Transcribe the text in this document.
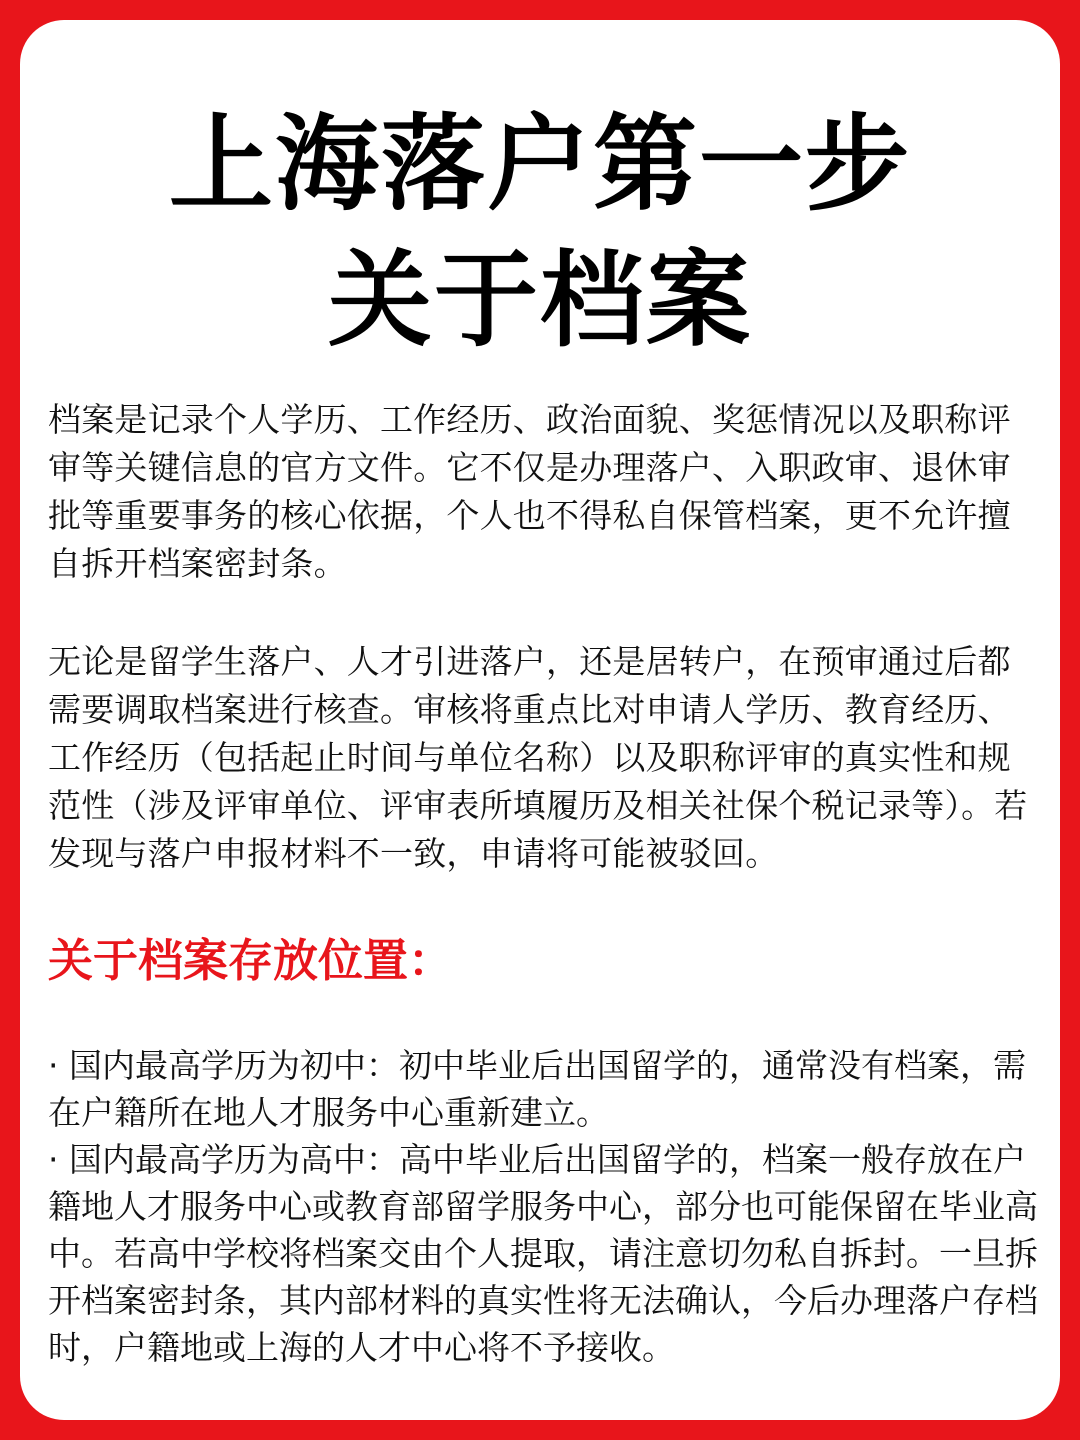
上海落户第一步
关于档案

档案是记录个人学历、工作经历、政治面貌、奖惩情况以及职称评审等关键信息的官方文件。它不仅是办理落户、入职政审、退休审批等重要事务的核心依据，个人也不得私自保管档案，更不允许擅自拆开档案密封条。

无论是留学生落户、人才引进落户，还是居转户，在预审通过后都需要调取档案进行核查。审核将重点比对申请人学历、教育经历、工作经历（包括起止时间与单位名称）以及职称评审的真实性和规范性（涉及评审单位、评审表所填履历及相关社保个税记录等）。若发现与落户申报材料不一致，申请将可能被驳回。

关于档案存放位置：

· 国内最高学历为初中：初中毕业后出国留学的，通常没有档案，需在户籍所在地人才服务中心重新建立。

· 国内最高学历为高中：高中毕业后出国留学的，档案一般存放在户籍地人才服务中心或教育部留学服务中心，部分也可能保留在毕业高中。若高中学校将档案交由个人提取，请注意切勿私自拆封。一旦拆开档案密封条，其内部材料的真实性将无法确认，今后办理落户存档时，户籍地或上海的人才中心将不予接收。
